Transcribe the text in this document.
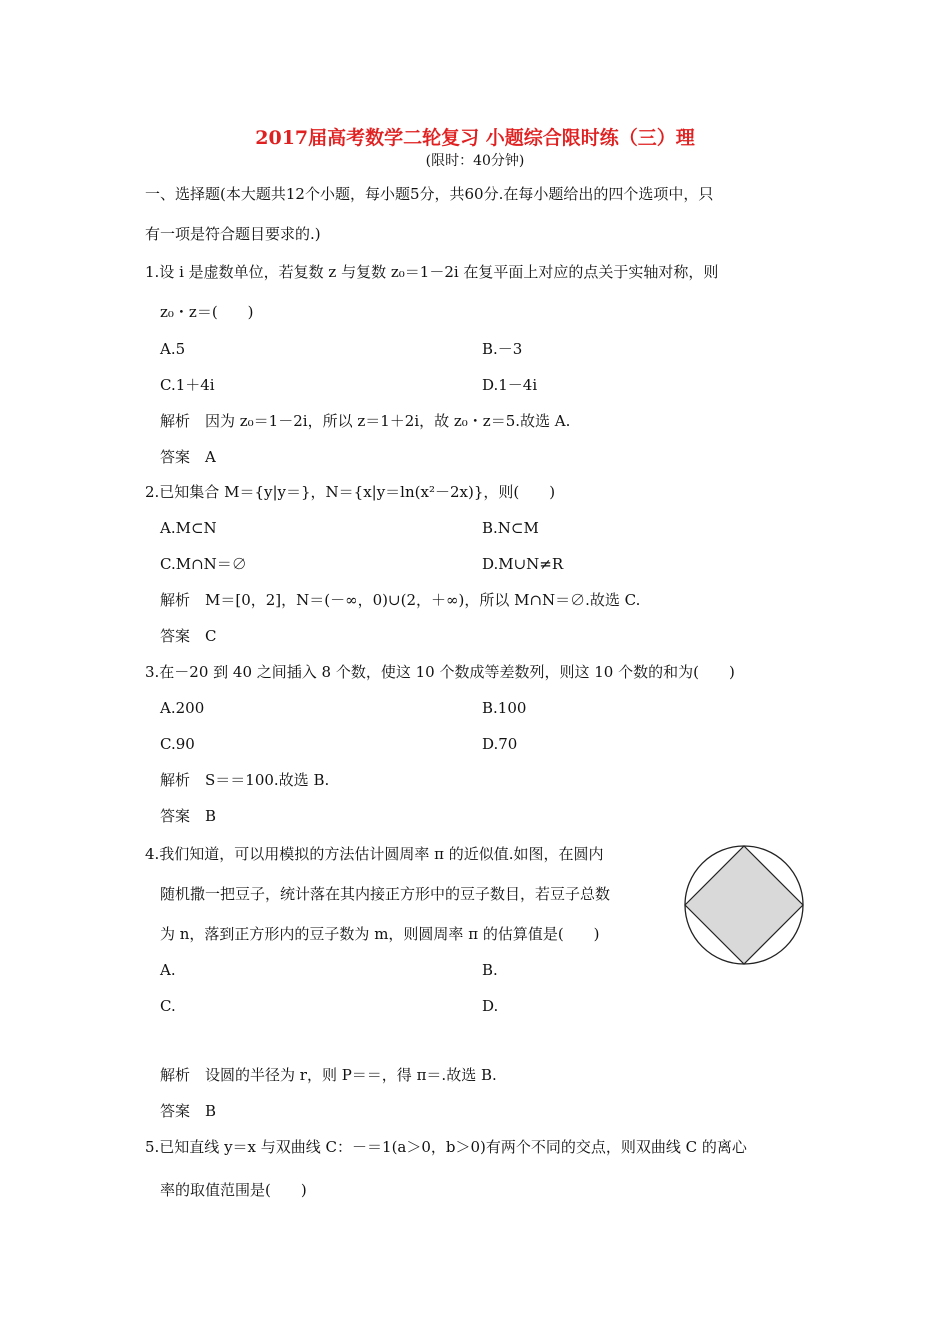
2017届高考数学二轮复习 小题综合限时练（三）理
(限时：40分钟)
一、选择题(本大题共12个小题，每小题5分，共60分.在每小题给出的四个选项中，只
有一项是符合题目要求的.)
1.设 i 是虚数单位，若复数 z 与复数 z₀＝1－2i 在复平面上对应的点关于实轴对称，则
z₀・z＝(　　)
A.5	B.－3
C.1＋4i	D.1－4i
解析　因为 z₀＝1－2i，所以 z＝1＋2i，故 z₀・z＝5.故选 A.
答案　A
2.已知集合 M＝{y|y＝}，N＝{x|y＝ln(x²－2x)}，则(　　)
A.M⊂N	B.N⊂M
C.M∩N＝∅	D.M∪N≠R
解析　M＝[0，2]，N＝(－∞，0)∪(2，＋∞)，所以 M∩N＝∅.故选 C.
答案　C
3.在－20 到 40 之间插入 8 个数，使这 10 个数成等差数列，则这 10 个数的和为(　　)
A.200	B.100
C.90	D.70
解析　S＝＝100.故选 B.
答案　B
4.我们知道，可以用模拟的方法估计圆周率 π 的近似值.如图，在圆内
随机撒一把豆子，统计落在其内接正方形中的豆子数目，若豆子总数
为 n，落到正方形内的豆子数为 m，则圆周率 π 的估算值是(　　)
A.	B.
C.	D.
解析　设圆的半径为 r，则 P＝＝，得 π＝.故选 B.
答案　B
5.已知直线 y＝x 与双曲线 C：－＝1(a＞0，b＞0)有两个不同的交点，则双曲线 C 的离心
率的取值范围是(　　)
